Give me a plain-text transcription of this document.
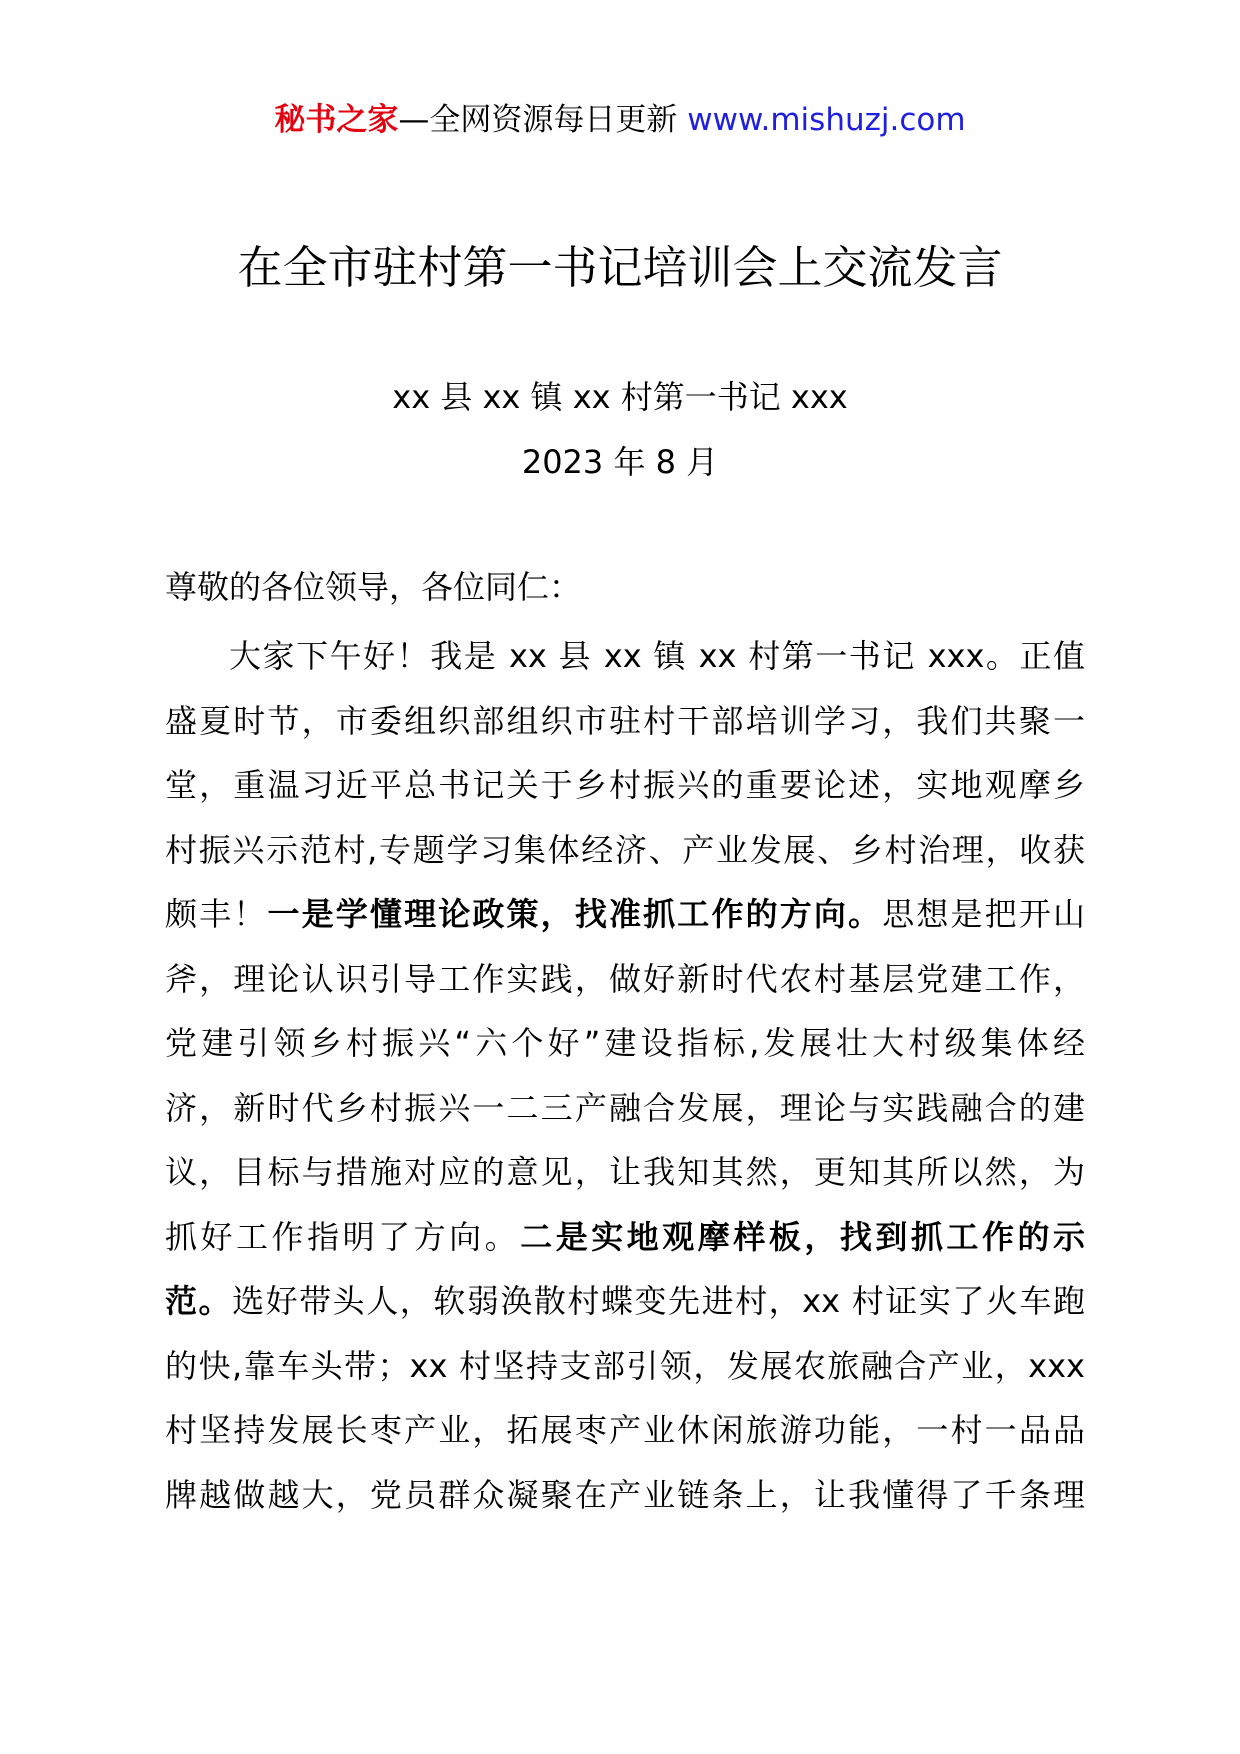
秘书之家—全网资源每日更新 www.mishuzj.com
在全市驻村第一书记培训会上交流发言
xx 县 xx 镇 xx 村第一书记 xxx
2023 年 8 月
尊敬的各位领导，各位同仁：
大家下午好！我是 xx 县 xx 镇 xx 村第一书记 xxx。正值
盛夏时节，市委组织部组织市驻村干部培训学习，我们共聚一
堂，重温习近平总书记关于乡村振兴的重要论述，实地观摩乡
村振兴示范村,专题学习集体经济、产业发展、乡村治理，收获
颇丰！一是学懂理论政策，找准抓工作的方向。思想是把开山
斧，理论认识引导工作实践，做好新时代农村基层党建工作，
党建引领乡村振兴“六个好”建设指标,发展壮大村级集体经
济，新时代乡村振兴一二三产融合发展，理论与实践融合的建
议，目标与措施对应的意见，让我知其然，更知其所以然，为
抓好工作指明了方向。二是实地观摩样板，找到抓工作的示
范。选好带头人，软弱涣散村蝶变先进村，xx 村证实了火车跑
的快,靠车头带；xx 村坚持支部引领，发展农旅融合产业，xxx
村坚持发展长枣产业，拓展枣产业休闲旅游功能，一村一品品
牌越做越大，党员群众凝聚在产业链条上，让我懂得了千条理
